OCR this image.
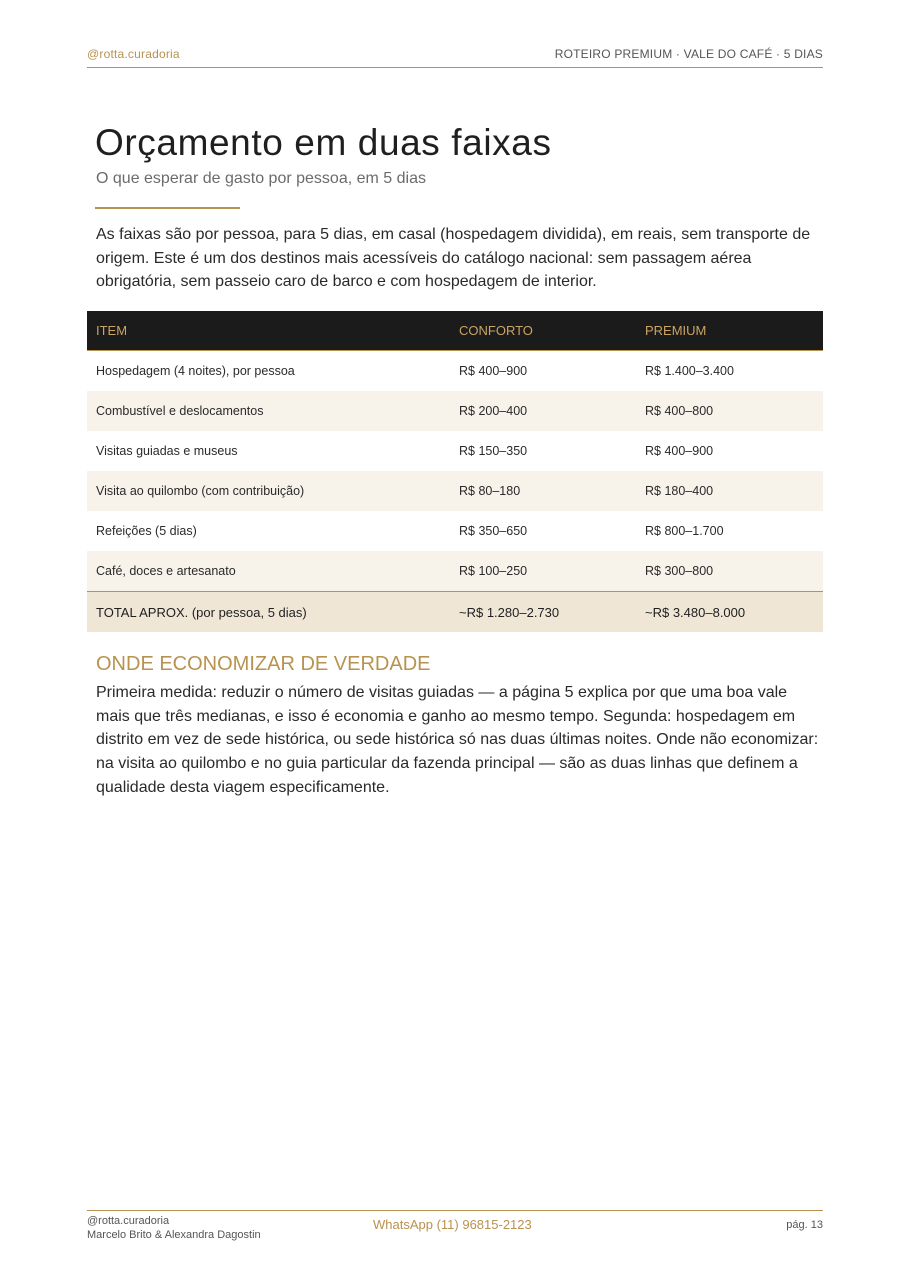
@rotta.curadoria	ROTEIRO PREMIUM · VALE DO CAFÉ · 5 DIAS
Orçamento em duas faixas
O que esperar de gasto por pessoa, em 5 dias

As faixas são por pessoa, para 5 dias, em casal (hospedagem dividida), em reais, sem transporte de origem. Este é um dos destinos mais acessíveis do catálogo nacional: sem passagem aérea obrigatória, sem passeio caro de barco e com hospedagem de interior.

ITEM	CONFORTO	PREMIUM
Hospedagem (4 noites), por pessoa	R$ 400–900	R$ 1.400–3.400
Combustível e deslocamentos	R$ 200–400	R$ 400–800
Visitas guiadas e museus	R$ 150–350	R$ 400–900
Visita ao quilombo (com contribuição)	R$ 80–180	R$ 180–400
Refeições (5 dias)	R$ 350–650	R$ 800–1.700
Café, doces e artesanato	R$ 100–250	R$ 300–800
TOTAL APROX. (por pessoa, 5 dias)	~R$ 1.280–2.730	~R$ 3.480–8.000
ONDE ECONOMIZAR DE VERDADE

Primeira medida: reduzir o número de visitas guiadas — a página 5 explica por que uma boa vale mais que três medianas, e isso é economia e ganho ao mesmo tempo. Segunda: hospedagem em distrito em vez de sede histórica, ou sede histórica só nas duas últimas noites. Onde não economizar: na visita ao quilombo e no guia particular da fazenda principal — são as duas linhas que definem a qualidade desta viagem especificamente.

@rotta.curadoria
Marcelo Brito & Alexandra Dagostin
WhatsApp (11) 96815-2123	pág. 13
